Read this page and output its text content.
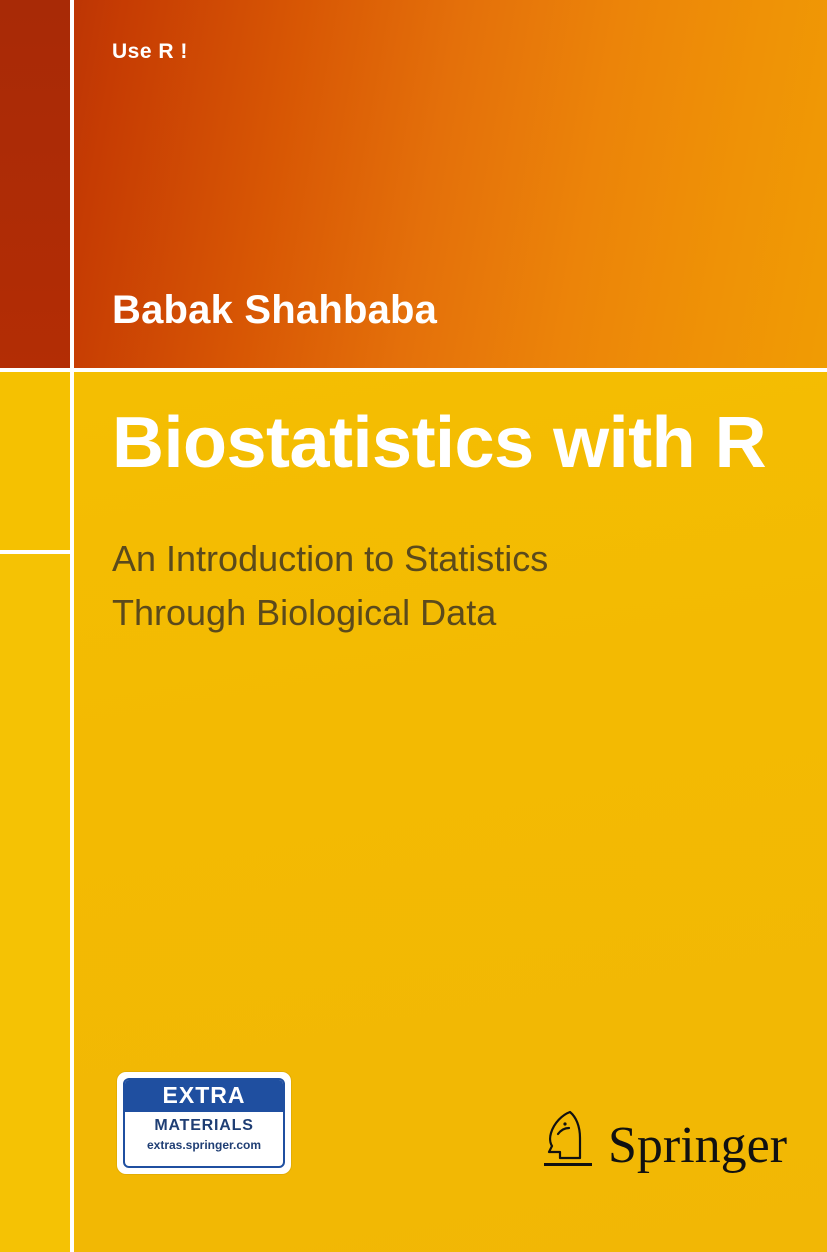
Use R !
Babak Shahbaba
Biostatistics with R
An Introduction to Statistics
Through Biological Data
EXTRA
MATERIALS
extras.springer.com	Springer
